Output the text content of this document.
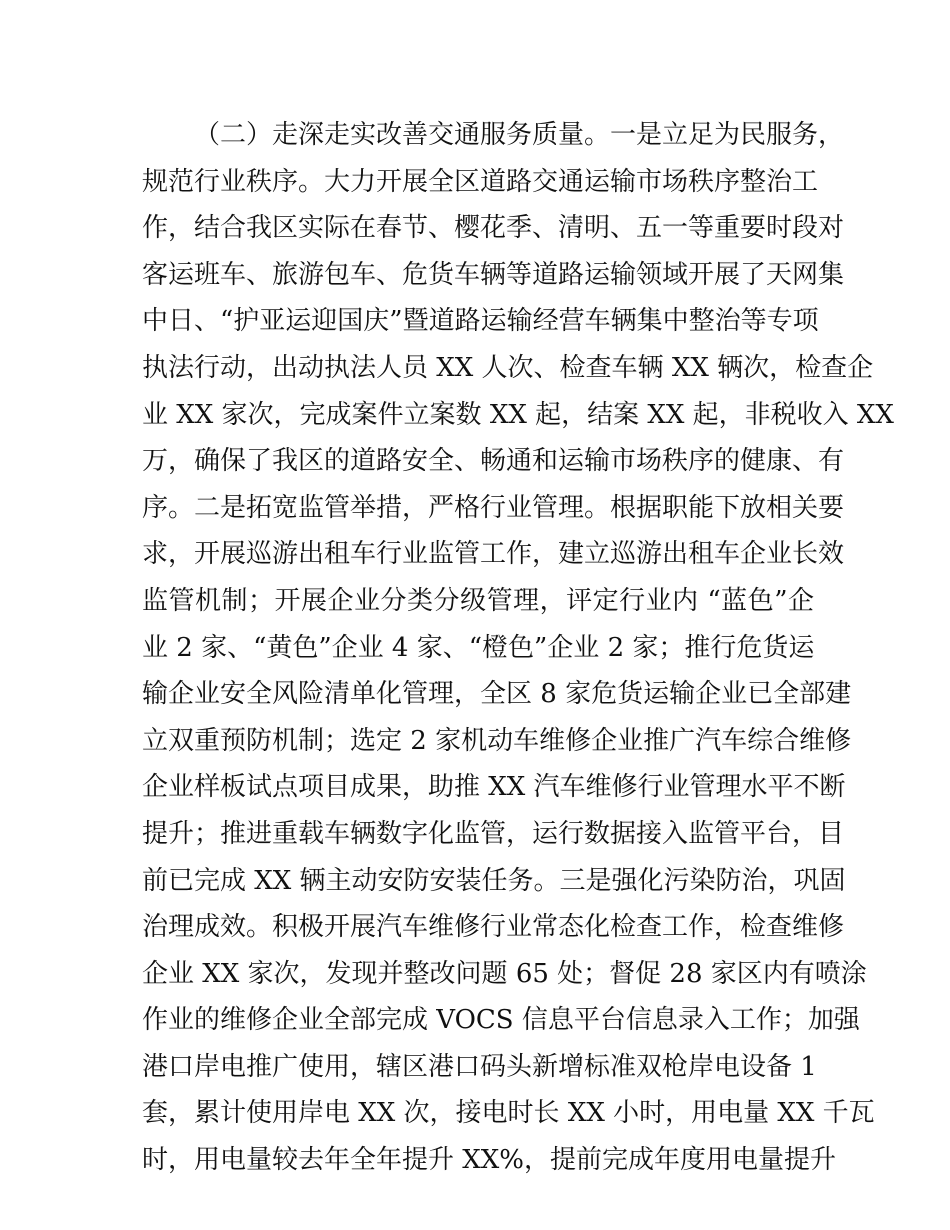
（二）走深走实改善交通服务质量。一是立足为民服务，
规范行业秩序。大力开展全区道路交通运输市场秩序整治工
作，结合我区实际在春节、樱花季、清明、五一等重要时段对
客运班车、旅游包车、危货车辆等道路运输领域开展了天网集
中日、“护亚运迎国庆”暨道路运输经营车辆集中整治等专项
执法行动，出动执法人员 XX 人次、检查车辆 XX 辆次，检查企
业 XX 家次，完成案件立案数 XX 起，结案 XX 起，非税收入 XX
万，确保了我区的道路安全、畅通和运输市场秩序的健康、有
序。二是拓宽监管举措，严格行业管理。根据职能下放相关要
求，开展巡游出租车行业监管工作，建立巡游出租车企业长效
监管机制；开展企业分类分级管理，评定行业内 “蓝色”企
业 2 家、“黄色”企业 4 家、“橙色”企业 2 家；推行危货运
输企业安全风险清单化管理，全区 8 家危货运输企业已全部建
立双重预防机制；选定 2 家机动车维修企业推广汽车综合维修
企业样板试点项目成果，助推 XX 汽车维修行业管理水平不断
提升；推进重载车辆数字化监管，运行数据接入监管平台，目
前已完成 XX 辆主动安防安装任务。三是强化污染防治，巩固
治理成效。积极开展汽车维修行业常态化检查工作，检查维修
企业 XX 家次，发现并整改问题 65 处；督促 28 家区内有喷涂
作业的维修企业全部完成 VOCS 信息平台信息录入工作；加强
港口岸电推广使用，辖区港口码头新增标准双枪岸电设备 1
套，累计使用岸电 XX 次，接电时长 XX 小时，用电量 XX 千瓦
时，用电量较去年全年提升 XX%，提前完成年度用电量提升
